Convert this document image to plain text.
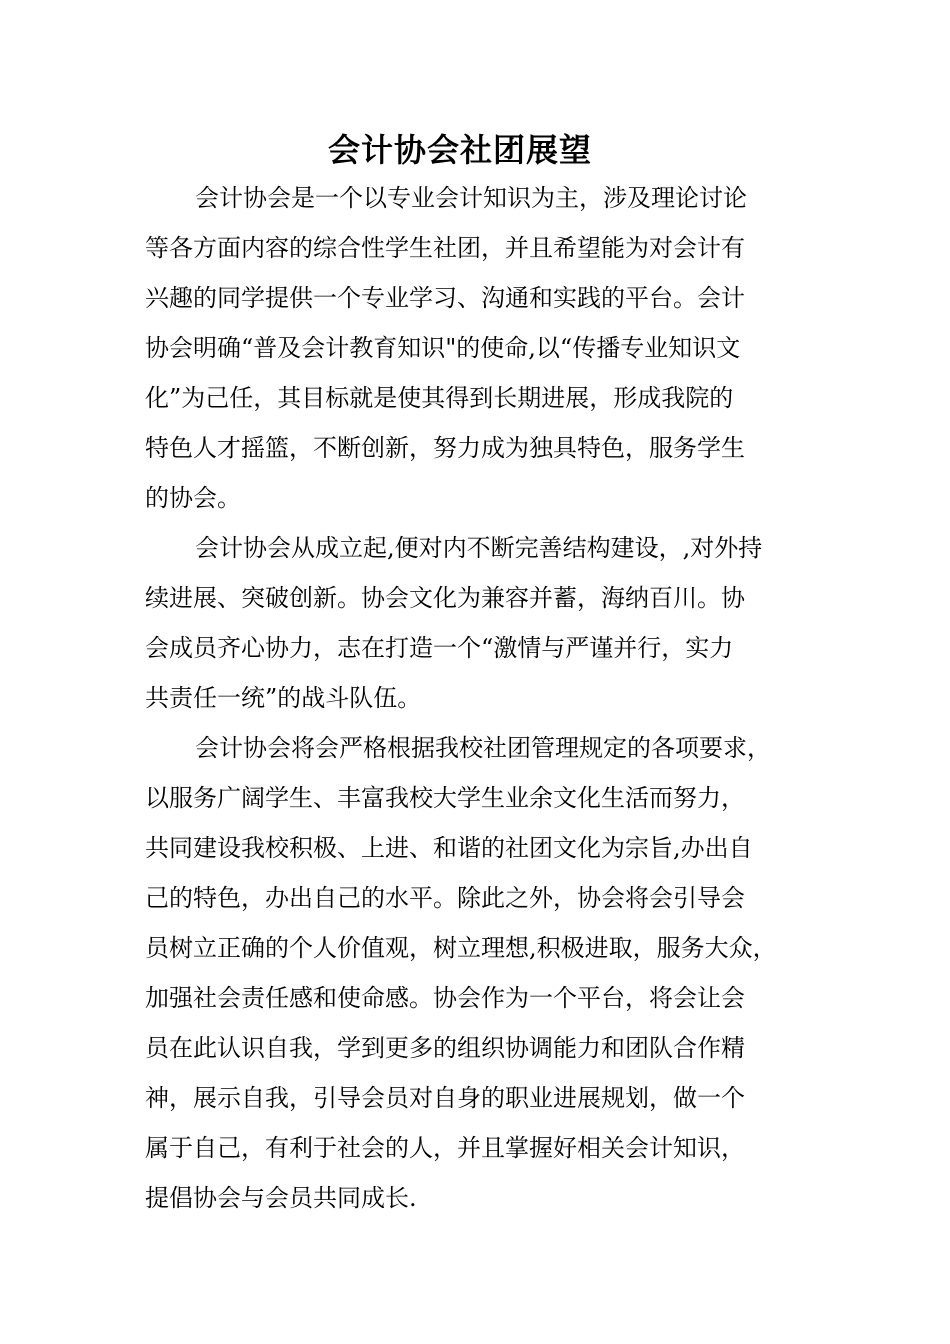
会计协会社团展望
会计协会是一个以专业会计知识为主，涉及理论讨论
等各方面内容的综合性学生社团，并且希望能为对会计有
兴趣的同学提供一个专业学习、沟通和实践的平台。会计
协会明确“普及会计教育知识"的使命,以“传播专业知识文
化”为己任，其目标就是使其得到长期进展，形成我院的
特色人才摇篮，不断创新，努力成为独具特色，服务学生
的协会。
会计协会从成立起,便对内不断完善结构建设，,对外持
续进展、突破创新。协会文化为兼容并蓄，海纳百川。协
会成员齐心协力，志在打造一个“激情与严谨并行，实力
共责任一统”的战斗队伍。
会计协会将会严格根据我校社团管理规定的各项要求，
以服务广阔学生、丰富我校大学生业余文化生活而努力，
共同建设我校积极、上进、和谐的社团文化为宗旨,办出自
己的特色，办出自己的水平。除此之外，协会将会引导会
员树立正确的个人价值观，树立理想,积极进取，服务大众，
加强社会责任感和使命感。协会作为一个平台，将会让会
员在此认识自我，学到更多的组织协调能力和团队合作精
神，展示自我，引导会员对自身的职业进展规划，做一个
属于自己，有利于社会的人，并且掌握好相关会计知识，
提倡协会与会员共同成长.
